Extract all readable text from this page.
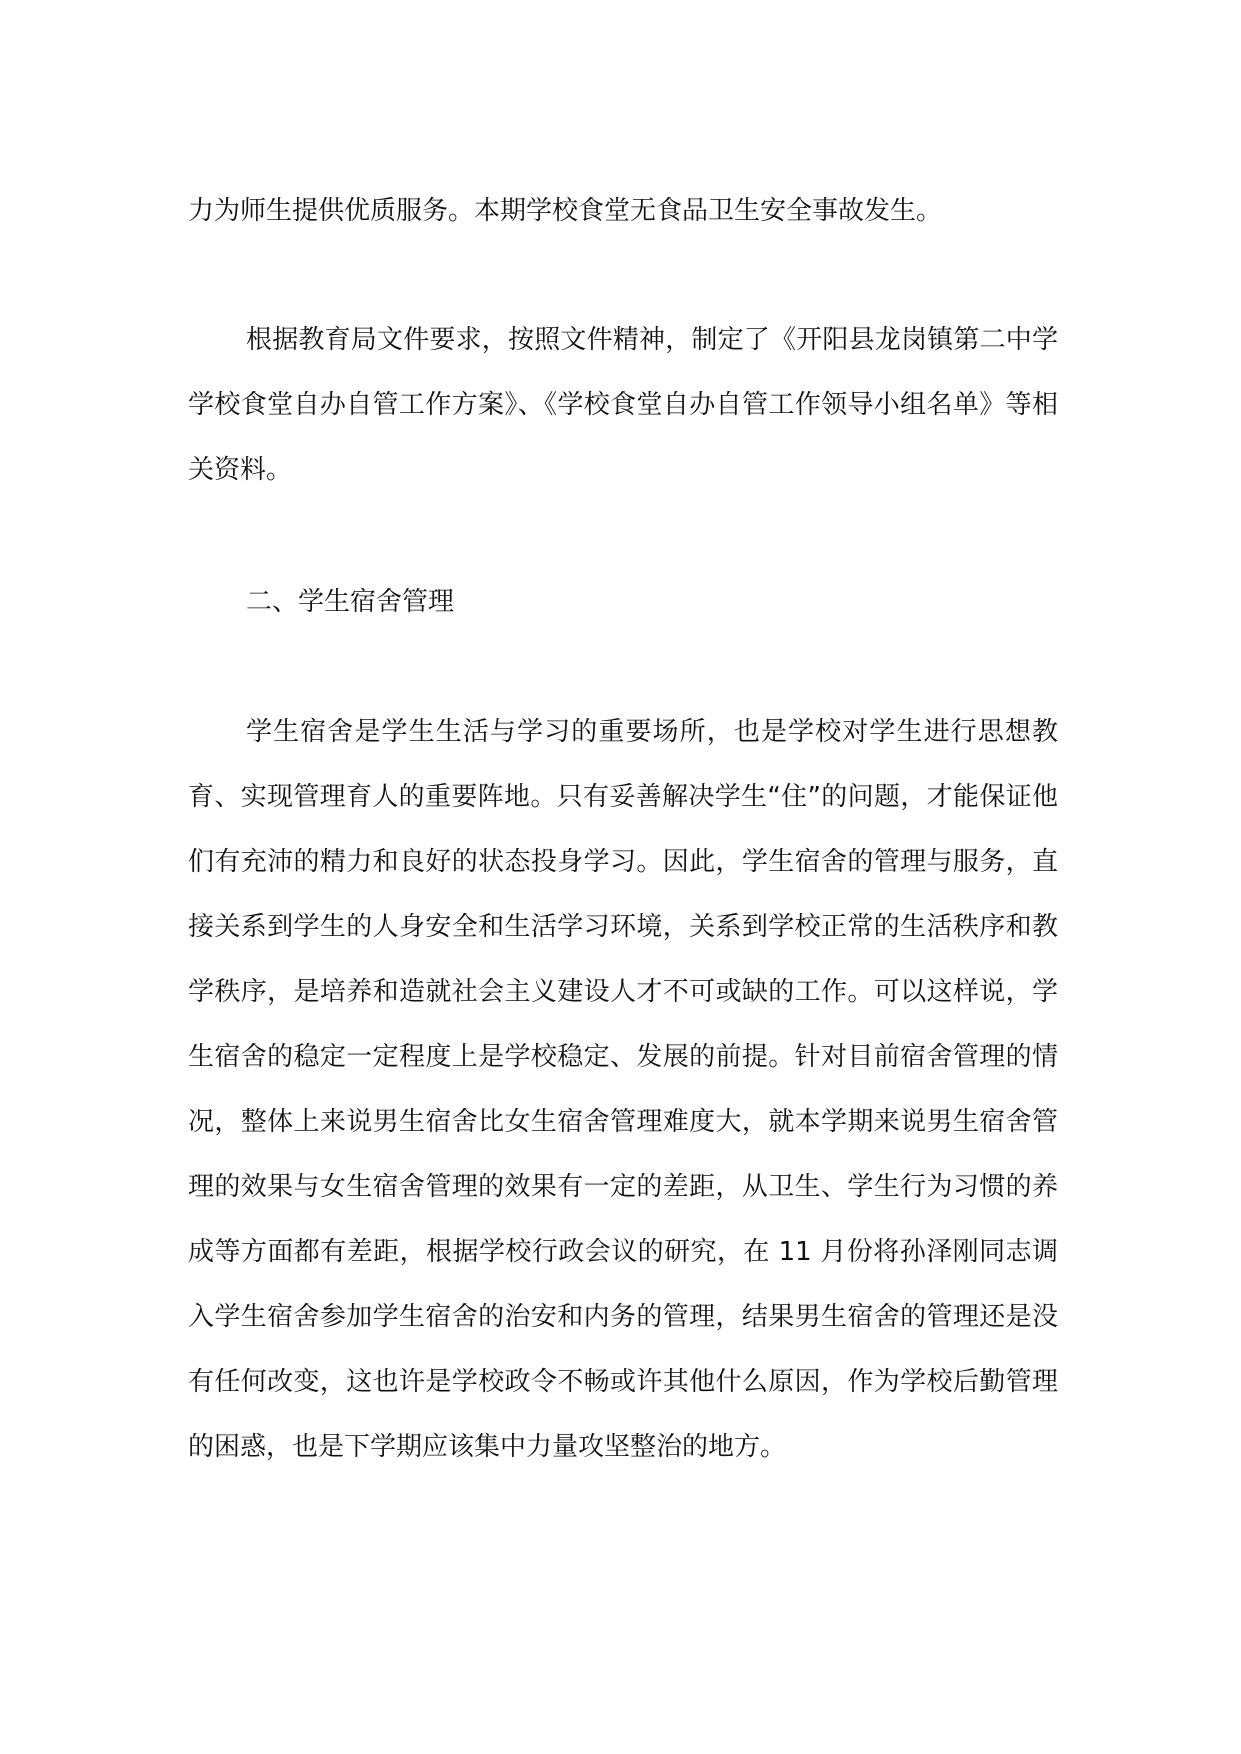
力为师生提供优质服务。本期学校食堂无食品卫生安全事故发生。

根据教育局文件要求，按照文件精神，制定了《开阳县龙岗镇第二中学学校食堂自办自管工作方案》、《学校食堂自办自管工作领导小组名单》等相关资料。

二、学生宿舍管理

学生宿舍是学生生活与学习的重要场所，也是学校对学生进行思想教育、实现管理育人的重要阵地。只有妥善解决学生“住”的问题，才能保证他们有充沛的精力和良好的状态投身学习。因此，学生宿舍的管理与服务，直接关系到学生的人身安全和生活学习环境，关系到学校正常的生活秩序和教学秩序，是培养和造就社会主义建设人才不可或缺的工作。可以这样说，学生宿舍的稳定一定程度上是学校稳定、发展的前提。针对目前宿舍管理的情况，整体上来说男生宿舍比女生宿舍管理难度大，就本学期来说男生宿舍管理的效果与女生宿舍管理的效果有一定的差距，从卫生、学生行为习惯的养成等方面都有差距，根据学校行政会议的研究，在 11 月份将孙泽刚同志调入学生宿舍参加学生宿舍的治安和内务的管理，结果男生宿舍的管理还是没有任何改变，这也许是学校政令不畅或许其他什么原因，作为学校后勤管理的困惑，也是下学期应该集中力量攻坚整治的地方。
